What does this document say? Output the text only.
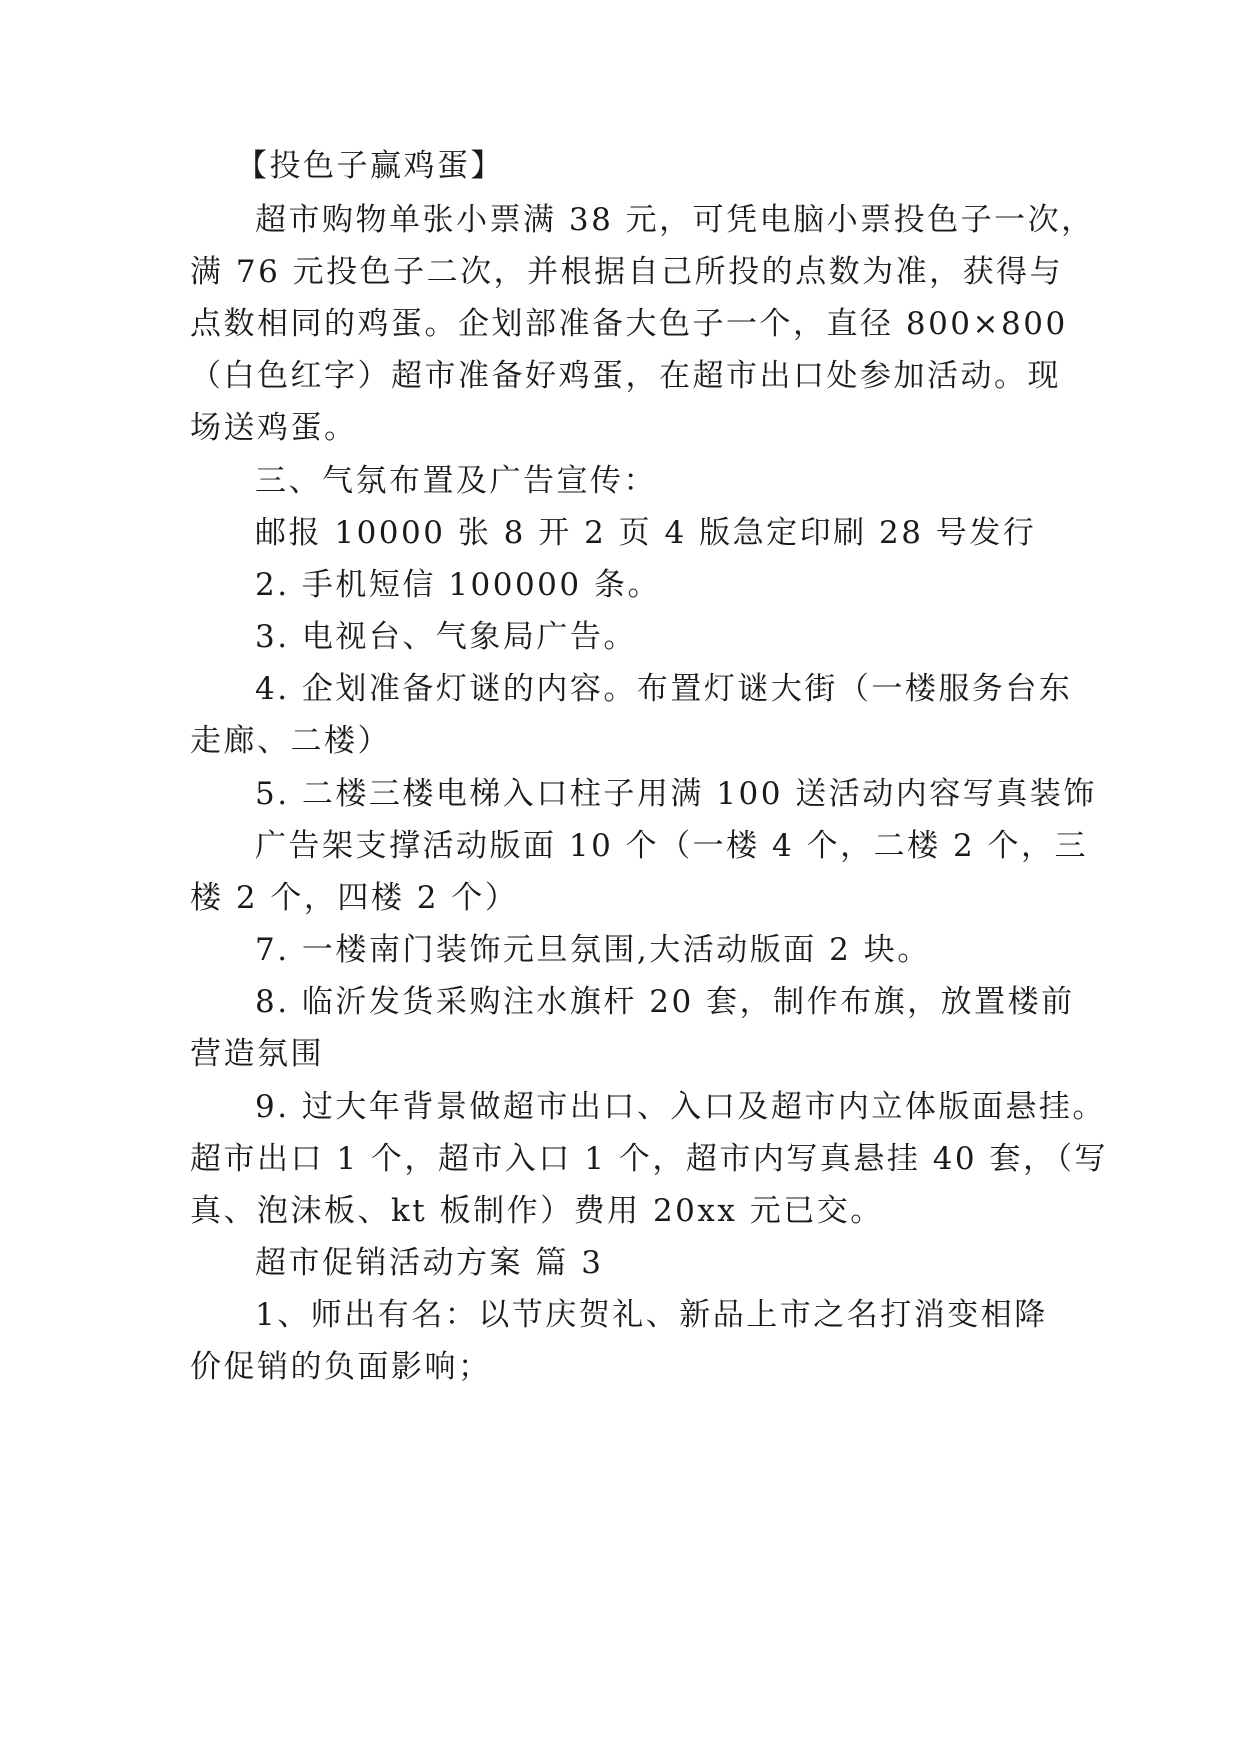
【投色子赢鸡蛋】
超市购物单张小票满 38 元，可凭电脑小票投色子一次，
满 76 元投色子二次，并根据自己所投的点数为准，获得与
点数相同的鸡蛋。企划部准备大色子一个，直径 800×800
（白色红字）超市准备好鸡蛋，在超市出口处参加活动。现
场送鸡蛋。
三、气氛布置及广告宣传：
邮报 10000 张 8 开 2 页 4 版急定印刷 28 号发行
2. 手机短信 100000 条。
3. 电视台、气象局广告。
4. 企划准备灯谜的内容。布置灯谜大街（一楼服务台东
走廊、二楼）
5. 二楼三楼电梯入口柱子用满 100 送活动内容写真装饰
广告架支撑活动版面 10 个（一楼 4 个，二楼 2 个，三
楼 2 个，四楼 2 个）
7. 一楼南门装饰元旦氛围,大活动版面 2 块。
8. 临沂发货采购注水旗杆 20 套，制作布旗，放置楼前
营造氛围
9. 过大年背景做超市出口、入口及超市内立体版面悬挂。
超市出口 1 个，超市入口 1 个，超市内写真悬挂 40 套，（写
真、泡沫板、kt 板制作）费用 20xx 元已交。
超市促销活动方案 篇 3
1、师出有名：以节庆贺礼、新品上市之名打消变相降
价促销的负面影响；
